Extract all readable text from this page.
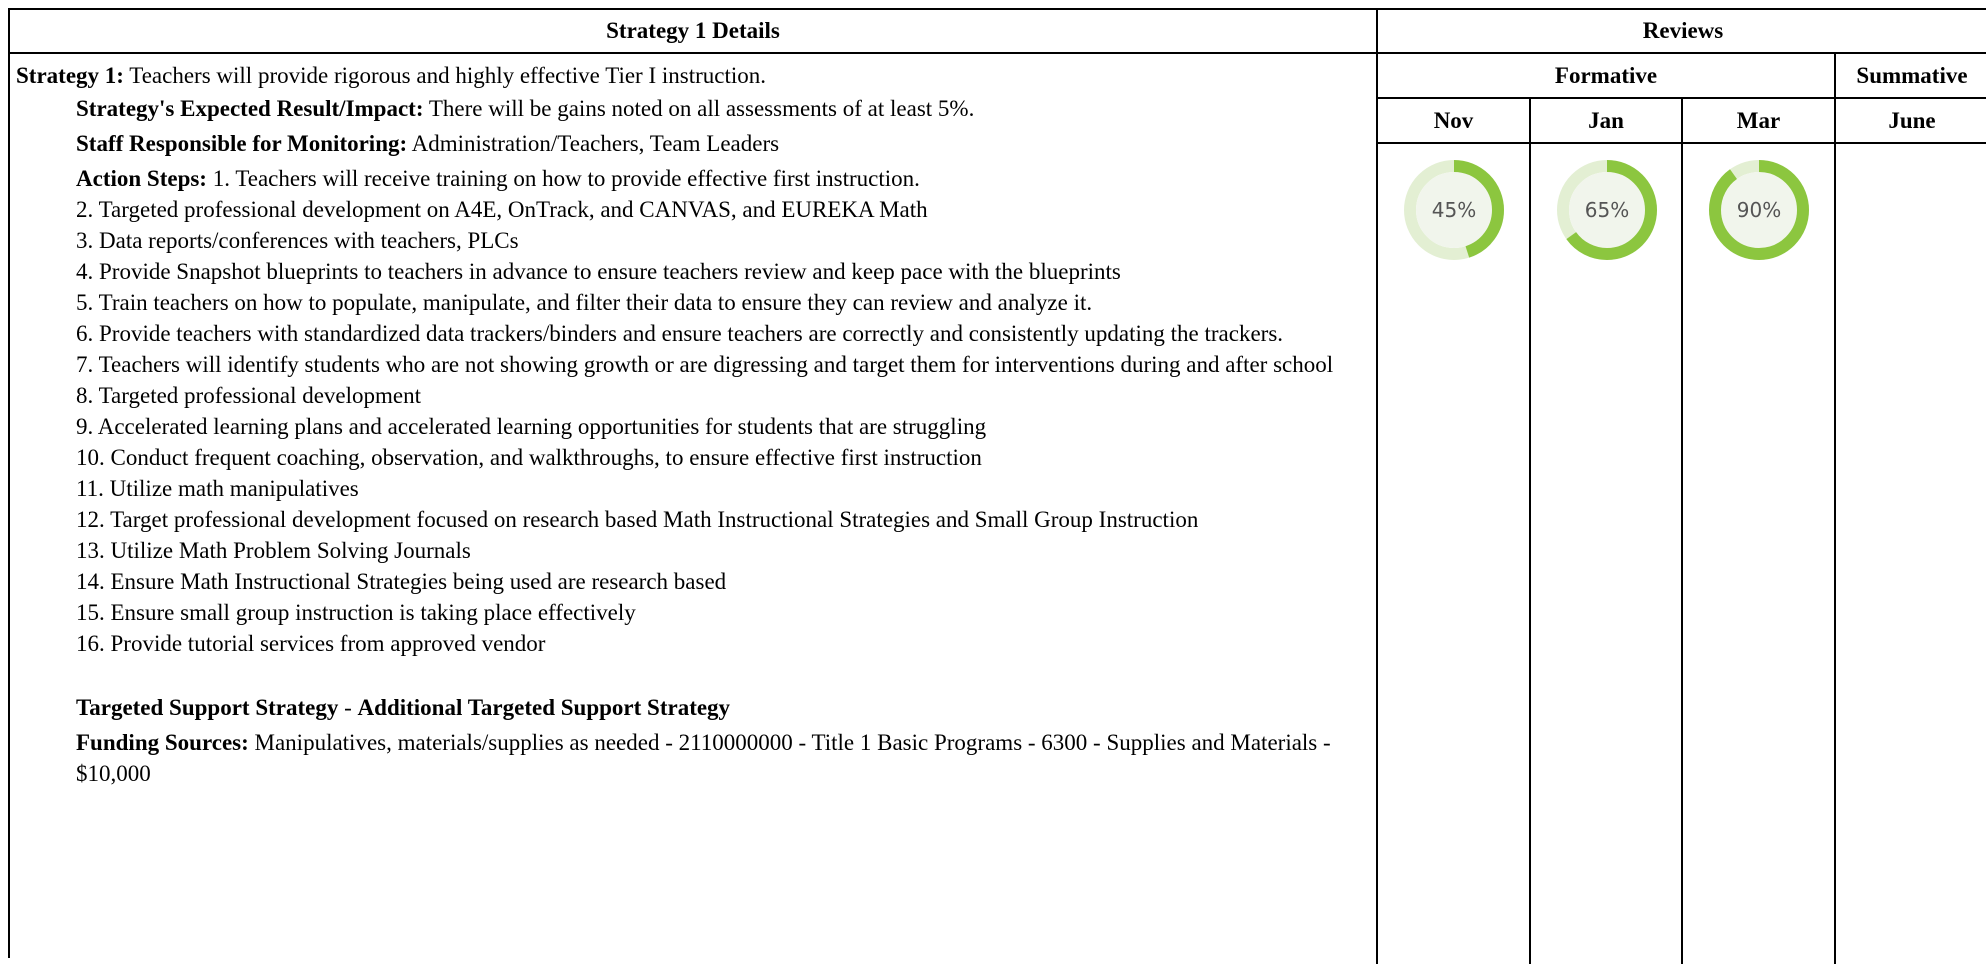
Strategy 1 Details	Reviews
Formative	Summative
Nov	Jan	Mar	June

Strategy 1: Teachers will provide rigorous and highly effective Tier I instruction.

Strategy's Expected Result/Impact: There will be gains noted on all assessments of at least 5%.
Staff Responsible for Monitoring: Administration/Teachers, Team Leaders
Action Steps: 1. Teachers will receive training on how to provide effective first instruction.
2. Targeted professional development on A4E, OnTrack, and CANVAS, and EUREKA Math
3. Data reports/conferences with teachers, PLCs
4. Provide Snapshot blueprints to teachers in advance to ensure teachers review and keep pace with the blueprints
5. Train teachers on how to populate, manipulate, and filter their data to ensure they can review and analyze it.
6. Provide teachers with standardized data trackers/binders and ensure teachers are correctly and consistently updating the trackers.
7. Teachers will identify students who are not showing growth or are digressing and target them for interventions during and after school
8. Targeted professional development
9. Accelerated learning plans and accelerated learning opportunities for students that are struggling
10. Conduct frequent coaching, observation, and walkthroughs, to ensure effective first instruction
11. Utilize math manipulatives
12. Target professional development focused on research based Math Instructional Strategies and Small Group Instruction
13. Utilize Math Problem Solving Journals
14. Ensure Math Instructional Strategies being used are research based
15. Ensure small group instruction is taking place effectively
16. Provide tutorial services from approved vendor
Targeted Support Strategy - Additional Targeted Support Strategy
Funding Sources: Manipulatives, materials/supplies as needed - 2110000000 - Title 1 Basic Programs - 6300 - Supplies and Materials - $10,000
45%	65%	90%
